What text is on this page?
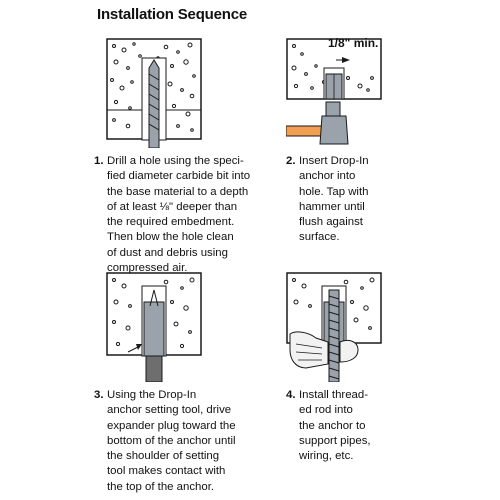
Installation Sequence
1/8" min.
1. Drill a hole using the speci-
fied diameter carbide bit into
the base material to a depth
of at least ⅛" deeper than
the required embedment.
Then blow the hole clean
of dust and debris using
compressed air.
2. Insert Drop-In
anchor into
hole. Tap with
hammer until
flush against
surface.
3. Using the Drop-In
anchor setting tool, drive
expander plug toward the
bottom of the anchor until
the shoulder of setting
tool makes contact with
the top of the anchor.
4. Install thread-
ed rod into
the anchor to
support pipes,
wiring, etc.
